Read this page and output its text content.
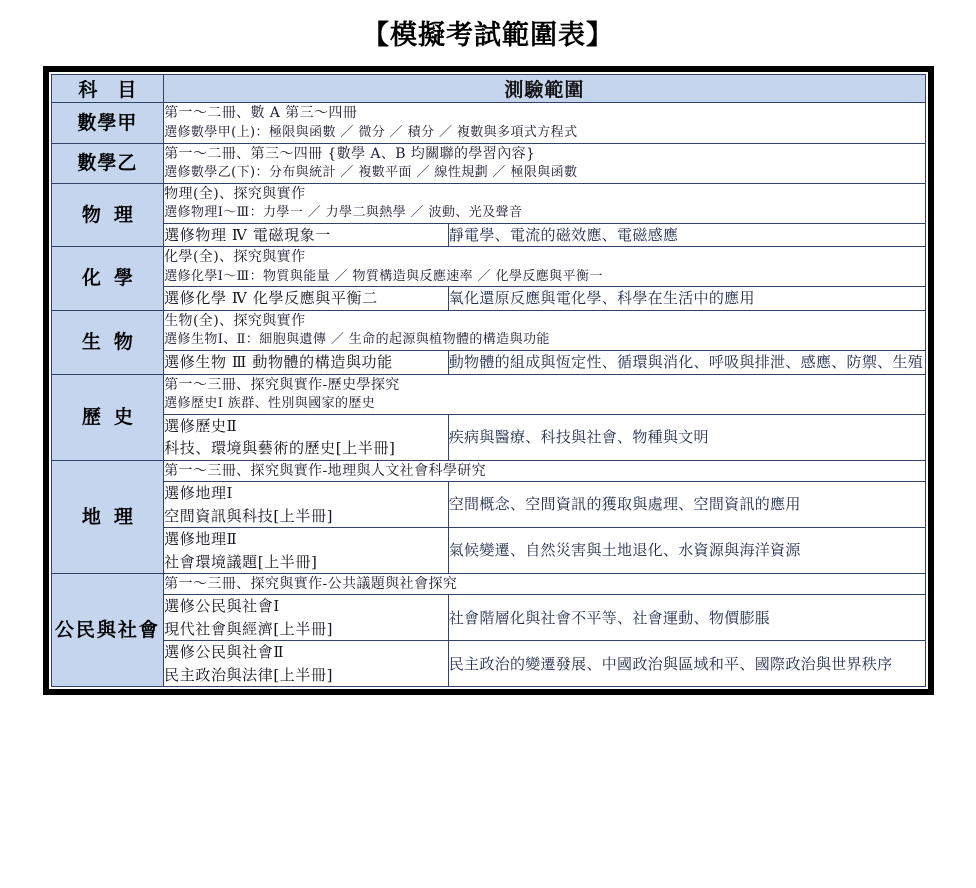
【模擬考試範圍表】
科目	測驗範圍	
數學甲	第一～二冊、數 A 第三～四冊
選修數學甲(上)：極限與函數 ／ 微分 ／ 積分 ／ 複數與多項式方程式	

數學乙	第一～二冊、第三～四冊 {數學 A、B 均關聯的學習內容}
選修數學乙(下)：分布與統計 ／ 複數平面 ／ 線性規劃 ／ 極限與函數	

物理	物理(全)、探究與實作
選修物理Ⅰ～Ⅲ：力學一 ／ 力學二與熱學 ／ 波動、光及聲音	

	選修物理 Ⅳ 電磁現象一	靜電學、電流的磁效應、電磁感應
化學	化學(全)、探究與實作
選修化學Ⅰ～Ⅲ：物質與能量 ／ 物質構造與反應速率 ／ 化學反應與平衡一	

	選修化學 Ⅳ 化學反應與平衡二	氧化還原反應與電化學、科學在生活中的應用
生物	生物(全)、探究與實作
選修生物Ⅰ、Ⅱ：細胞與遺傳 ／ 生命的起源與植物體的構造與功能	

	選修生物 Ⅲ 動物體的構造與功能	動物體的組成與恆定性、循環與消化、呼吸與排泄、感應、防禦、生殖
歷史	第一～三冊、探究與實作-歷史學探究
選修歷史Ⅰ 族群、性別與國家的歷史	

	選修歷史Ⅱ
科技、環境與藝術的歷史[上半冊]	疾病與醫療、科技與社會、物種與文明
地理	第一～三冊、探究與實作-地理與人文社會科學研究	

	選修地理Ⅰ
空間資訊與科技[上半冊]	空間概念、空間資訊的獲取與處理、空間資訊的應用

	選修地理Ⅱ
社會環境議題[上半冊]	氣候變遷、自然災害與土地退化、水資源與海洋資源
公民與社會	第一～三冊、探究與實作-公共議題與社會探究	

	選修公民與社會Ⅰ
現代社會與經濟[上半冊]	社會階層化與社會不平等、社會運動、物價膨脹

	選修公民與社會Ⅱ
民主政治與法律[上半冊]	民主政治的變遷發展、中國政治與區域和平、國際政治與世界秩序
